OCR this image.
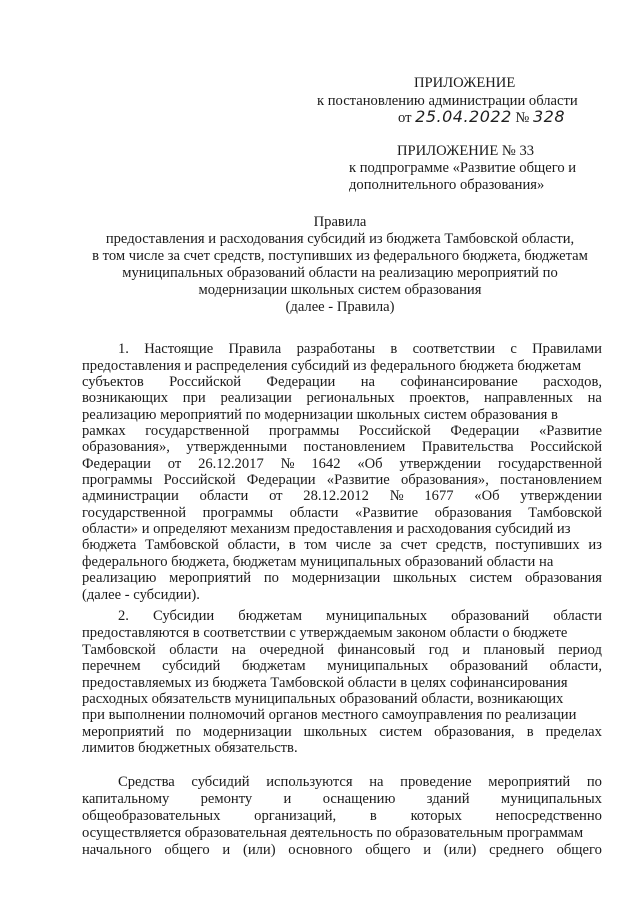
ПРИЛОЖЕНИЕ
к постановлению администрации области
от 25.04.2022 № 328
ПРИЛОЖЕНИЕ № 33
к подпрограмме «Развитие общего и
дополнительного образования»
Правила
предоставления и расходования субсидий из бюджета Тамбовской области,
в том числе за счет средств, поступивших из федерального бюджета, бюджетам
муниципальных образований области на реализацию мероприятий по
модернизации школьных систем образования
(далее - Правила)
1. Настоящие Правила разработаны в соответствии с Правилами
предоставления и распределения субсидий из федерального бюджета бюджетам
субъектов Российской Федерации на софинансирование расходов,
возникающих при реализации региональных проектов, направленных на
реализацию мероприятий по модернизации школьных систем образования в
рамках государственной программы Российской Федерации «Развитие
образования», утвержденными постановлением Правительства Российской
Федерации от 26.12.2017 № 1642 «Об утверждении государственной
программы Российской Федерации «Развитие образования», постановлением
администрации области от 28.12.2012 № 1677 «Об утверждении
государственной программы области «Развитие образования Тамбовской
области» и определяют механизм предоставления и расходования субсидий из
бюджета Тамбовской области, в том числе за счет средств, поступивших из
федерального бюджета, бюджетам муниципальных образований области на
реализацию мероприятий по модернизации школьных систем образования
(далее - субсидии).
2. Субсидии бюджетам муниципальных образований области
предоставляются в соответствии с утверждаемым законом области о бюджете
Тамбовской области на очередной финансовый год и плановый период
перечнем субсидий бюджетам муниципальных образований области,
предоставляемых из бюджета Тамбовской области в целях софинансирования
расходных обязательств муниципальных образований области, возникающих
при выполнении полномочий органов местного самоуправления по реализации
мероприятий по модернизации школьных систем образования, в пределах
лимитов бюджетных обязательств.
Средства субсидий используются на проведение мероприятий по
капитальному ремонту и оснащению зданий муниципальных
общеобразовательных организаций, в которых непосредственно
осуществляется образовательная деятельность по образовательным программам
начального общего и (или) основного общего и (или) среднего общего
